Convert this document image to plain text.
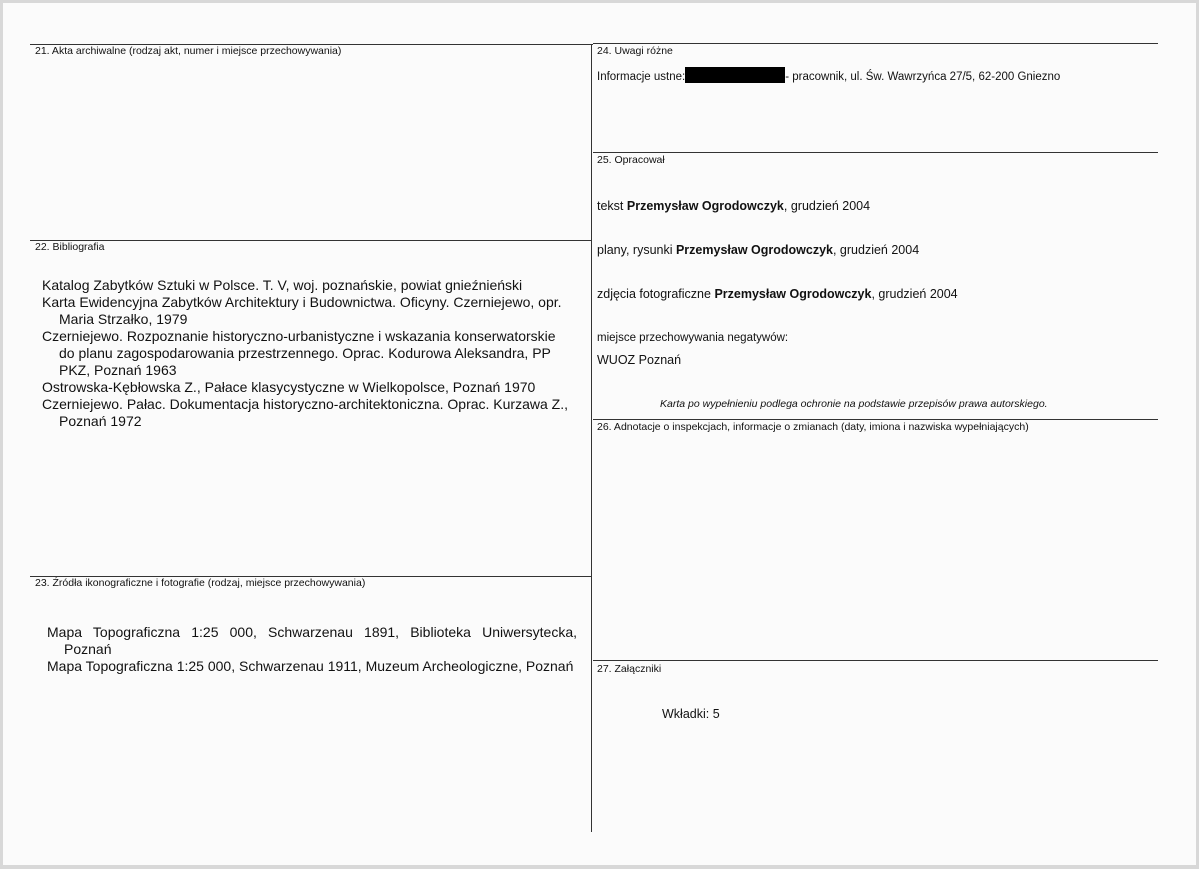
21. Akta archiwalne (rodzaj akt, numer i miejsce przechowywania)
22. Bibliografia
Katalog Zabytków Sztuki w Polsce. T. V, woj. poznańskie, powiat gnieźnieński
Karta Ewidencyjna Zabytków Architektury i Budownictwa. Oficyny. Czerniejewo, opr. Maria Strzałko, 1979
Czerniejewo. Rozpoznanie historyczno-urbanistyczne i wskazania konserwatorskie do planu zagospodarowania przestrzennego. Oprac. Kodurowa Aleksandra, PP PKZ, Poznań 1963
Ostrowska-Kębłowska Z., Pałace klasycystyczne w Wielkopolsce, Poznań 1970
Czerniejewo. Pałac. Dokumentacja historyczno-architektoniczna. Oprac. Kurzawa Z., Poznań 1972
23. Źródła ikonograficzne i fotografie (rodzaj, miejsce przechowywania)
Mapa Topograficzna 1:25 000, Schwarzenau 1891, Biblioteka Uniwersytecka, Poznań
Mapa Topograficzna 1:25 000, Schwarzenau 1911, Muzeum Archeologiczne, Poznań
24. Uwagi różne
Informacje ustne:	- pracownik, ul. Św. Wawrzyńca 27/5, 62-200 Gniezno
25. Opracował
tekst Przemysław Ogrodowczyk, grudzień 2004
plany, rysunki Przemysław Ogrodowczyk, grudzień 2004
zdjęcia fotograficzne Przemysław Ogrodowczyk, grudzień 2004
miejsce przechowywania negatywów:
WUOZ Poznań
Karta po wypełnieniu podlega ochronie na podstawie przepisów prawa autorskiego.
26. Adnotacje o inspekcjach, informacje o zmianach (daty, imiona i nazwiska wypełniających)
27. Załączniki
Wkładki: 5
